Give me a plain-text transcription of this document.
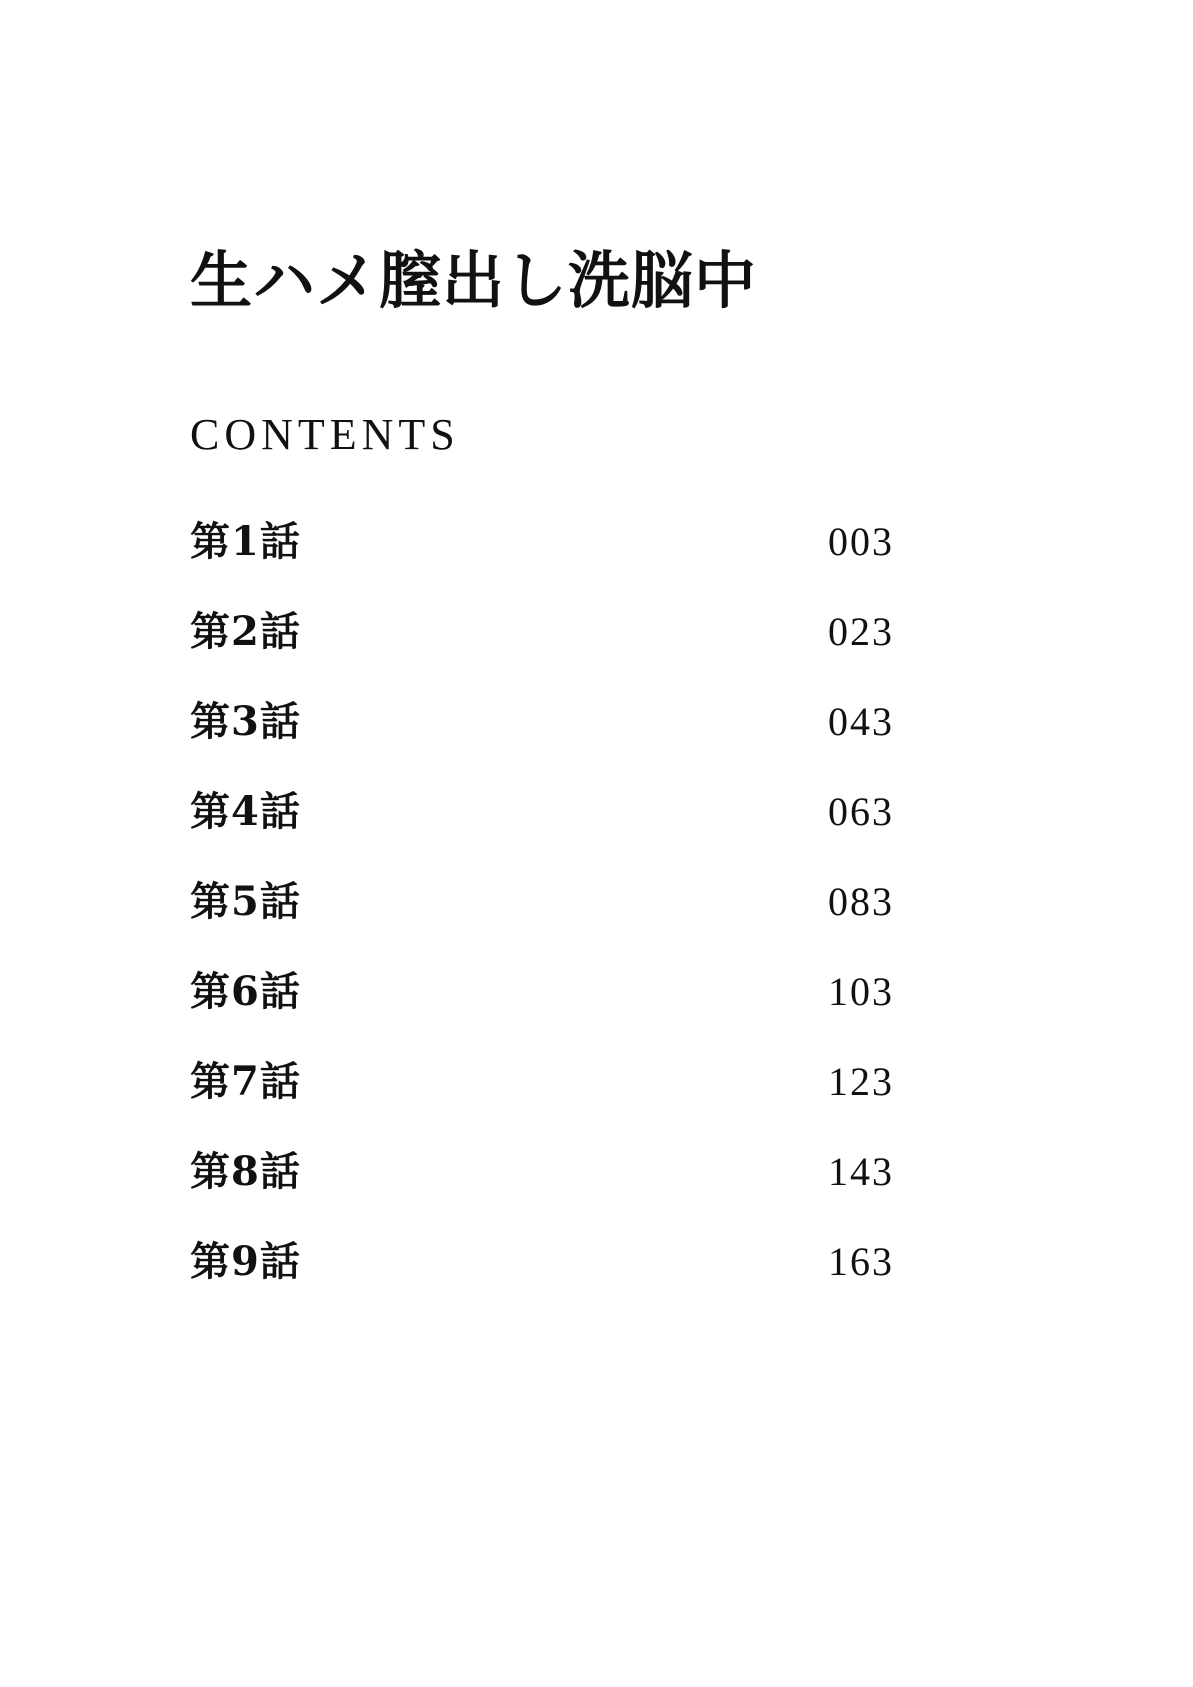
生ハメ膣出し洗脳中
CONTENTS
第1話	003
第2話	023
第3話	043
第4話	063
第5話	083
第6話	103
第7話	123
第8話	143
第9話	163
